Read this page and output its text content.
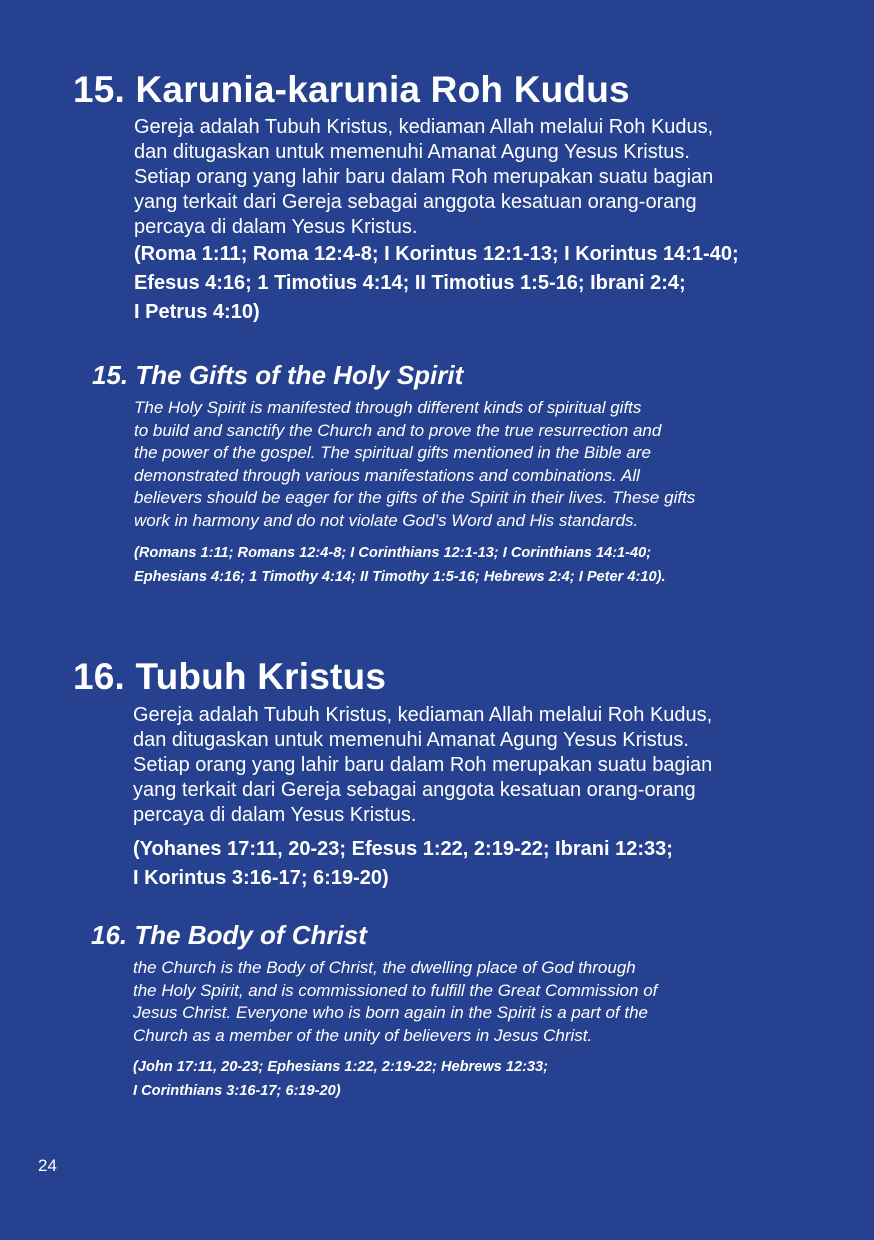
15. Karunia-karunia Roh Kudus

Gereja adalah Tubuh Kristus, kediaman Allah melalui Roh Kudus,

dan ditugaskan untuk memenuhi Amanat Agung Yesus Kristus.

Setiap orang yang lahir baru dalam Roh merupakan suatu bagian

yang terkait dari Gereja sebagai anggota kesatuan orang-orang

percaya di dalam Yesus Kristus.

(Roma 1:11; Roma 12:4-8; I Korintus 12:1-13; I Korintus 14:1-40;

Efesus 4:16; 1 Timotius 4:14; II Timotius 1:5-16; Ibrani 2:4;

I Petrus 4:10)

15. The Gifts of the Holy Spirit

The Holy Spirit is manifested through different kinds of spiritual gifts

to build and sanctify the Church and to prove the true resurrection and

the power of the gospel. The spiritual gifts mentioned in the Bible are

demonstrated through various manifestations and combinations. All

believers should be eager for the gifts of the Spirit in their lives. These gifts

work in harmony and do not violate God’s Word and His standards.

(Romans 1:11; Romans 12:4-8; I Corinthians 12:1-13; I Corinthians 14:1-40;

Ephesians 4:16; 1 Timothy 4:14; II Timothy 1:5-16; Hebrews 2:4; I Peter 4:10).

16. Tubuh Kristus

Gereja adalah Tubuh Kristus, kediaman Allah melalui Roh Kudus,

dan ditugaskan untuk memenuhi Amanat Agung Yesus Kristus.

Setiap orang yang lahir baru dalam Roh merupakan suatu bagian

yang terkait dari Gereja sebagai anggota kesatuan orang-orang

percaya di dalam Yesus Kristus.

(Yohanes 17:11, 20-23; Efesus 1:22, 2:19-22; Ibrani 12:33;

I Korintus 3:16-17; 6:19-20)

16. The Body of Christ

the Church is the Body of Christ, the dwelling place of God through

the Holy Spirit, and is commissioned to fulfill the Great Commission of

Jesus Christ. Everyone who is born again in the Spirit is a part of the

Church as a member of the unity of believers in Jesus Christ.

(John 17:11, 20-23; Ephesians 1:22, 2:19-22; Hebrews 12:33;

I Corinthians 3:16-17; 6:19-20)

24
